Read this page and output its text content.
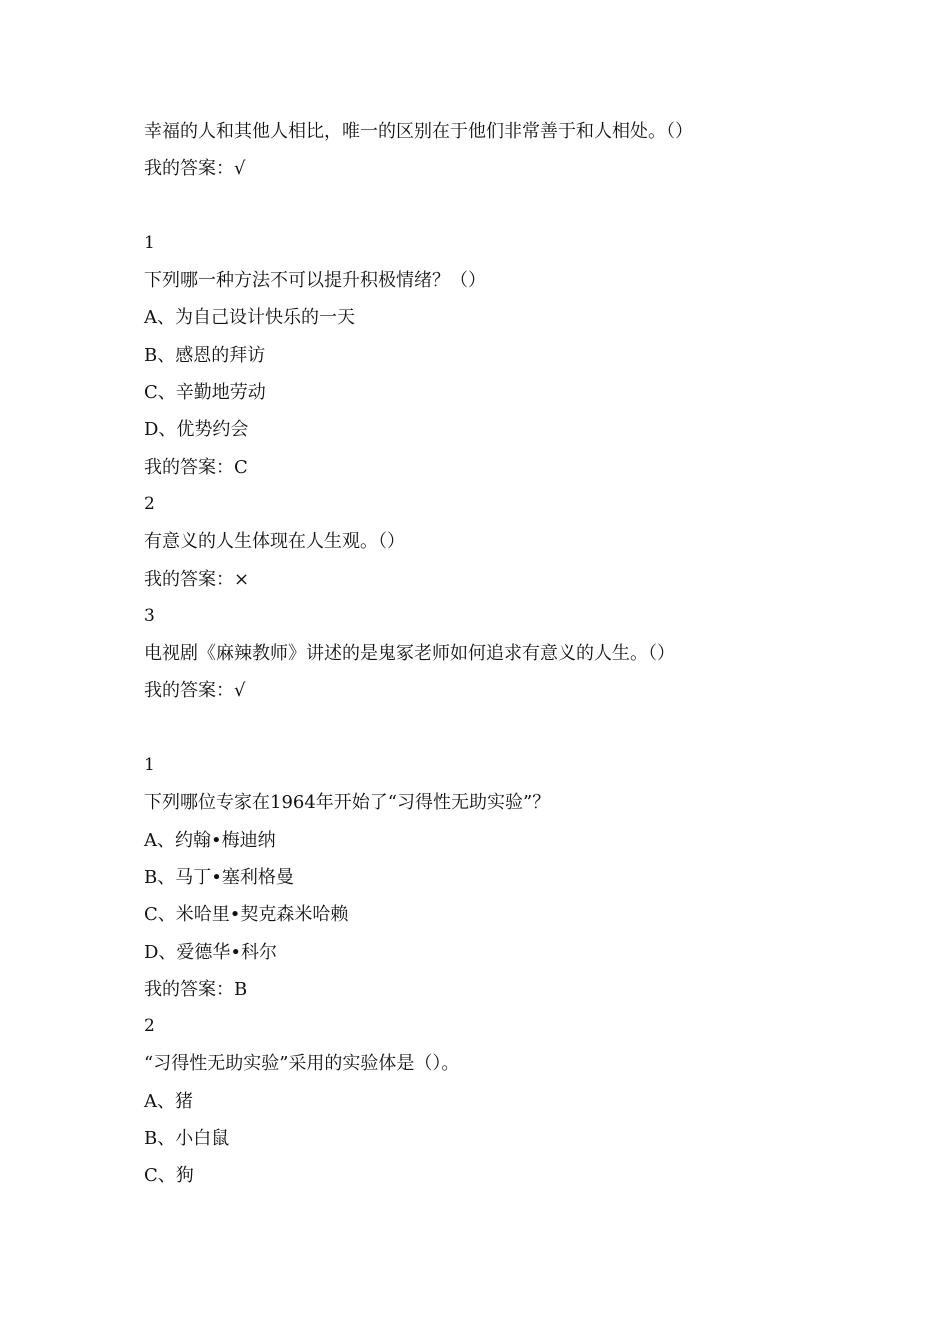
幸福的人和其他人相比，唯一的区别在于他们非常善于和人相处。（）
我的答案：√
1
下列哪一种方法不可以提升积极情绪？（）
A、为自己设计快乐的一天
B、感恩的拜访
C、辛勤地劳动
D、优势约会
我的答案：C
2
有意义的人生体现在人生观。（）
我的答案：×
3
电视剧《麻辣教师》讲述的是鬼冢老师如何追求有意义的人生。（）
我的答案：√
1
下列哪位专家在1964年开始了“习得性无助实验”？
A、约翰•梅迪纳
B、马丁•塞利格曼
C、米哈里•契克森米哈赖
D、爱德华•科尔
我的答案：B
2
“习得性无助实验”采用的实验体是（）。
A、猪
B、小白鼠
C、狗
